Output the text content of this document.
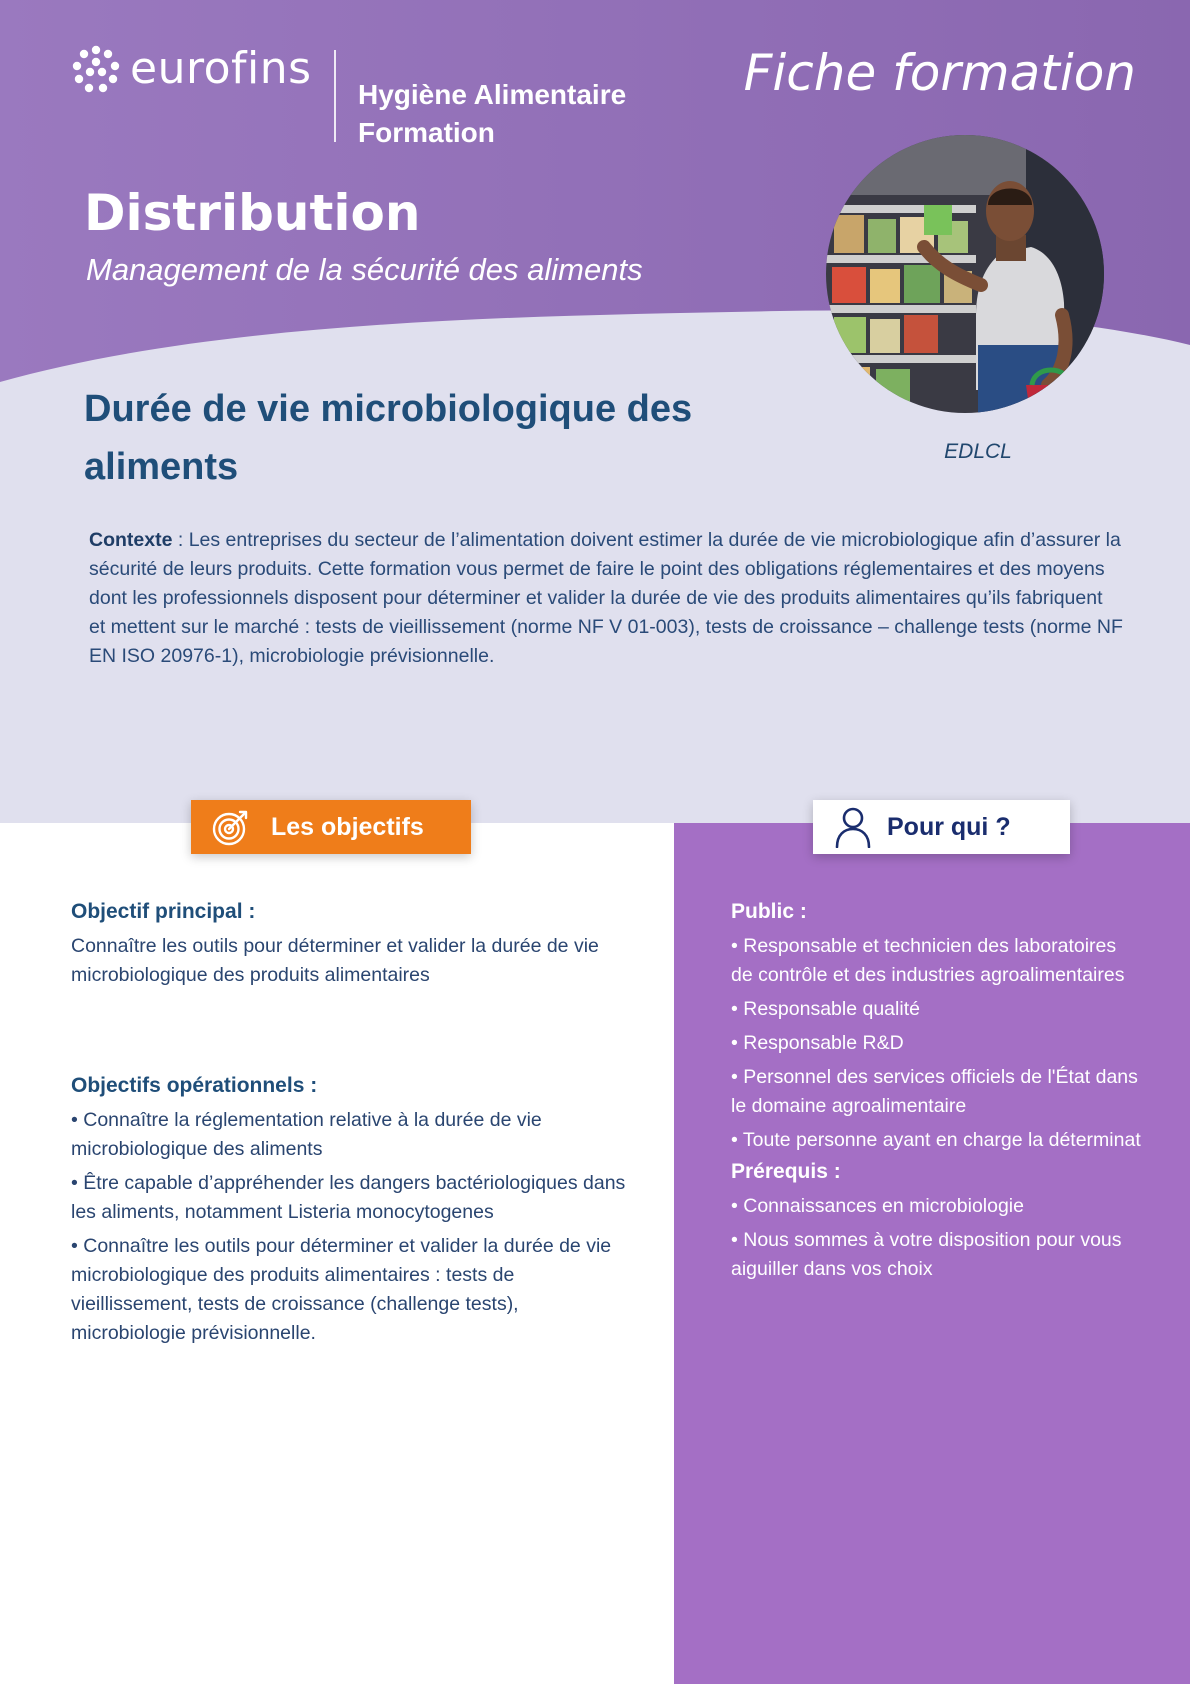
eurofins
Hygiène Alimentaire
Formation
Fiche formation
Distribution
Management de la sécurité des aliments
EDLCL
Durée de vie microbiologique des aliments
Contexte : Les entreprises du secteur de l’alimentation doivent estimer la durée de vie microbiologique afin d’assurer la sécurité de leurs produits. Cette formation vous permet de faire le point des obligations réglementaires et des moyens dont les professionnels disposent pour déterminer et valider la durée de vie des produits alimentaires qu’ils fabriquent et mettent sur le marché : tests de vieillissement (norme NF V 01-003), tests de croissance – challenge tests (norme NF EN ISO 20976-1), microbiologie prévisionnelle.
Les objectifs	Pour qui ?
Objectif principal :

Connaître les outils pour déterminer et valider la durée de vie microbiologique des produits alimentaires

Objectifs opérationnels :
• Connaître la réglementation relative à la durée de vie microbiologique des aliments
• Être capable d’appréhender les dangers bactériologiques dans les aliments, notamment Listeria monocytogenes
• Connaître les outils pour déterminer et valider la durée de vie microbiologique des produits alimentaires : tests de vieillissement, tests de croissance (challenge tests), microbiologie prévisionnelle.
Public :
• Responsable et technicien des laboratoires de contrôle et des industries agroalimentaires
• Responsable qualité
• Responsable R&D
• Personnel des services officiels de l'État dans le domaine agroalimentaire
• Toute personne ayant en charge la déterminat
Prérequis :
• Connaissances en microbiologie
• Nous sommes à votre disposition pour vous aiguiller dans vos choix
